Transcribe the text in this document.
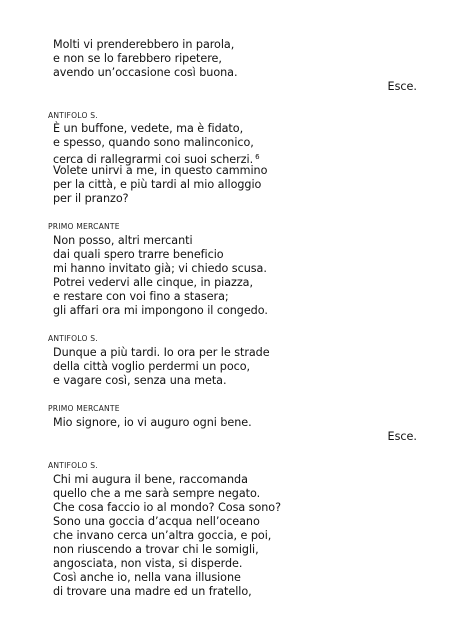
Molti vi prenderebbero in parola,
e non se lo farebbero ripetere,
avendo un’occasione così buona.
Esce.
ANTIFOLO S.
È un buffone, vedete, ma è fidato,
e spesso, quando sono malinconico,
cerca di rallegrarmi coi suoi scherzi. $^6$
Volete unirvi a me, in questo cammino
per la città, e più tardi al mio alloggio
per il pranzo?
PRIMO MERCANTE
Non posso, altri mercanti
dai quali spero trarre beneficio
mi hanno invitato già; vi chiedo scusa.
Potrei vedervi alle cinque, in piazza,
e restare con voi fino a stasera;
gli affari ora mi impongono il congedo.
ANTIFOLO S.
Dunque a più tardi. Io ora per le strade
della città voglio perdermi un poco,
e vagare così, senza una meta.
PRIMO MERCANTE
Mio signore, io vi auguro ogni bene.
Esce.
ANTIFOLO S.
Chi mi augura il bene, raccomanda
quello che a me sarà sempre negato.
Che cosa faccio io al mondo? Cosa sono?
Sono una goccia d’acqua nell’oceano
che invano cerca un’altra goccia, e poi,
non riuscendo a trovar chi le somigli,
angosciata, non vista, si disperde.
Così anche io, nella vana illusione
di trovare una madre ed un fratello,
